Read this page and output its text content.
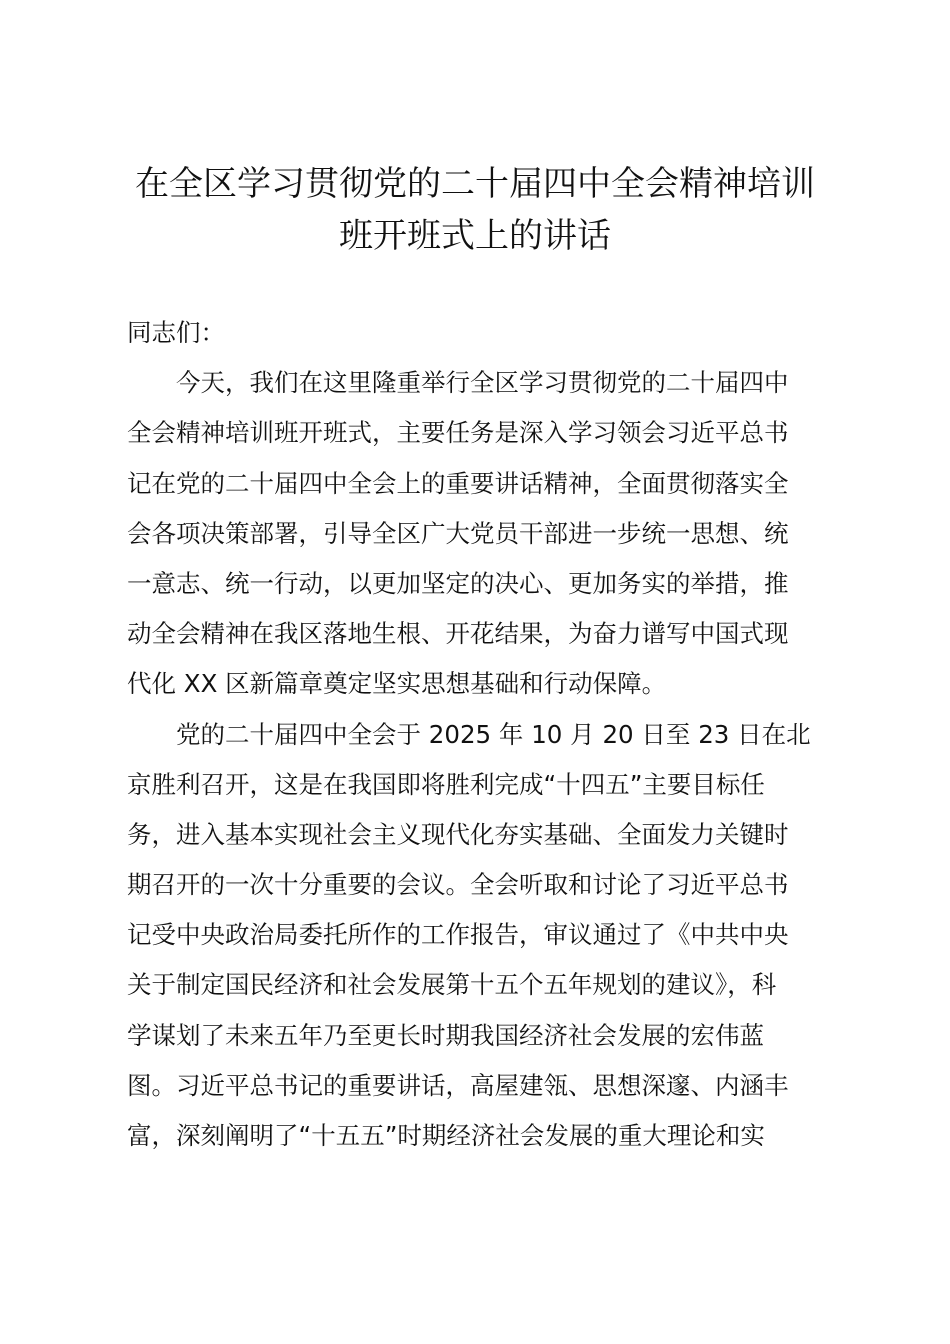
在全区学习贯彻党的二十届四中全会精神培训
班开班式上的讲话
同志们：
今天，我们在这里隆重举行全区学习贯彻党的二十届四中
全会精神培训班开班式，主要任务是深入学习领会习近平总书
记在党的二十届四中全会上的重要讲话精神，全面贯彻落实全
会各项决策部署，引导全区广大党员干部进一步统一思想、统
一意志、统一行动，以更加坚定的决心、更加务实的举措，推
动全会精神在我区落地生根、开花结果，为奋力谱写中国式现
代化 XX 区新篇章奠定坚实思想基础和行动保障。
党的二十届四中全会于 2025 年 10 月 20 日至 23 日在北
京胜利召开，这是在我国即将胜利完成“十四五”主要目标任
务，进入基本实现社会主义现代化夯实基础、全面发力关键时
期召开的一次十分重要的会议。全会听取和讨论了习近平总书
记受中央政治局委托所作的工作报告，审议通过了《中共中央
关于制定国民经济和社会发展第十五个五年规划的建议》，科
学谋划了未来五年乃至更长时期我国经济社会发展的宏伟蓝
图。习近平总书记的重要讲话，高屋建瓴、思想深邃、内涵丰
富，深刻阐明了“十五五”时期经济社会发展的重大理论和实
